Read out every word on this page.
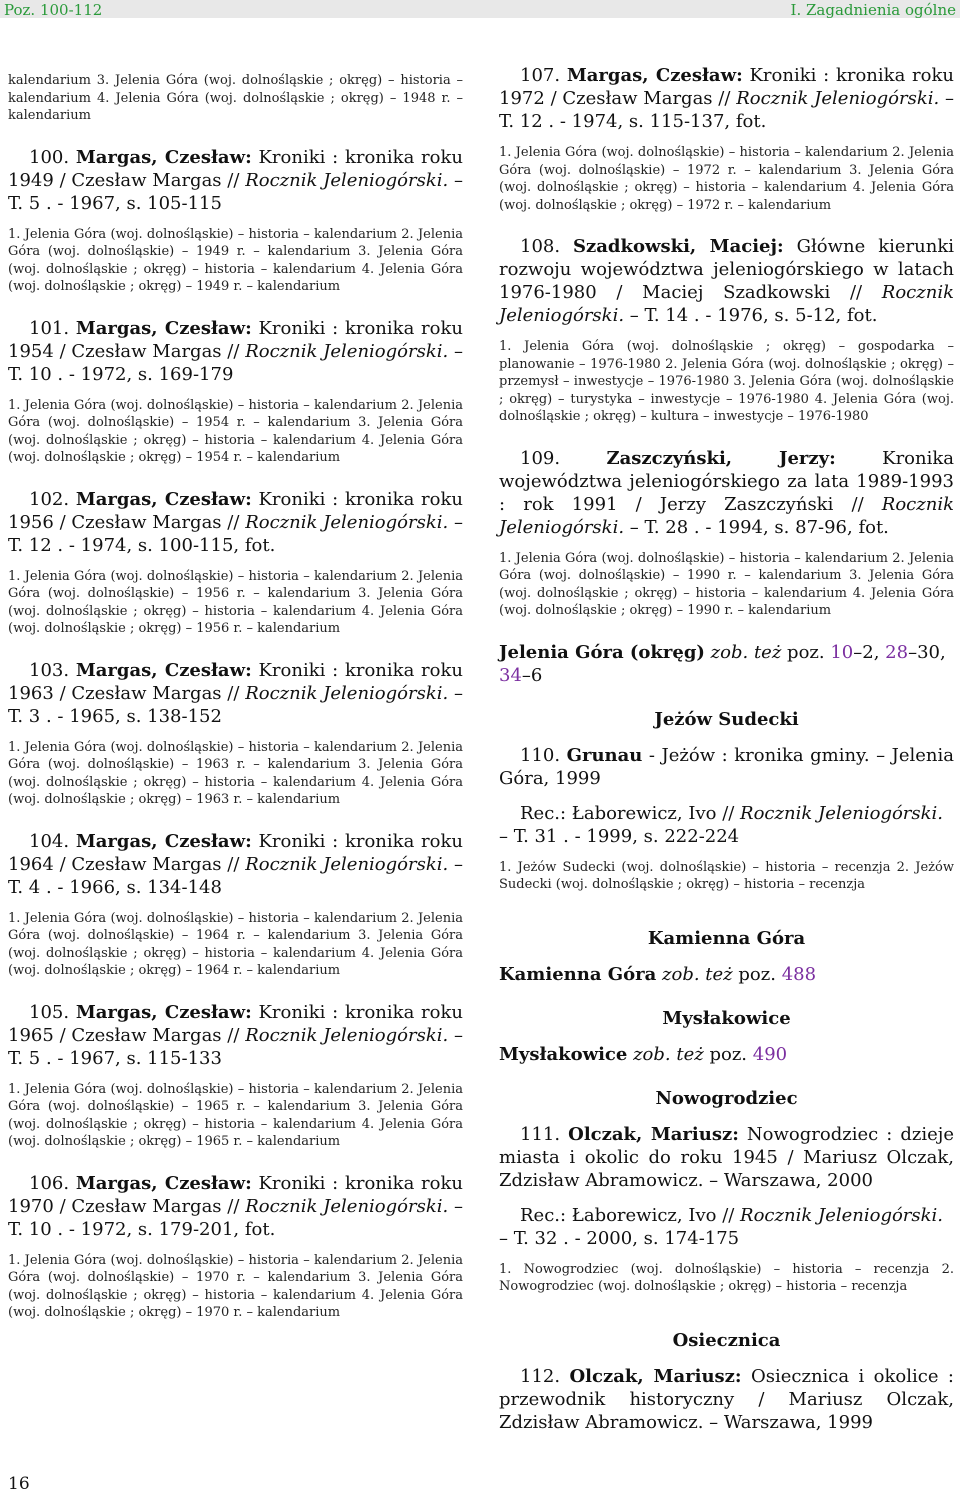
Poz. 100-112	I. Zagadnienia ogólne

kalendarium 3. Jelenia Góra (woj. dolnośląskie ; okręg) – historia – kalendarium 4. Jelenia Góra (woj. dolnośląskie ; okręg) – 1948 r. – kalendarium

100. Margas, Czesław: Kroniki : kronika roku 1949 / Czesław Margas // Rocznik Jeleniogórski. – T. 5 . - 1967, s. 105-115

1. Jelenia Góra (woj. dolnośląskie) – historia – kalendarium 2. Jelenia Góra (woj. dolnośląskie) – 1949 r. – kalendarium 3. Jelenia Góra (woj. dolnośląskie ; okręg) – historia – kalendarium 4. Jelenia Góra (woj. dolnośląskie ; okręg) – 1949 r. – kalendarium

101. Margas, Czesław: Kroniki : kronika roku 1954 / Czesław Margas // Rocznik Jeleniogórski. – T. 10 . - 1972, s. 169-179

1. Jelenia Góra (woj. dolnośląskie) – historia – kalendarium 2. Jelenia Góra (woj. dolnośląskie) – 1954 r. – kalendarium 3. Jelenia Góra (woj. dolnośląskie ; okręg) – historia – kalendarium 4. Jelenia Góra (woj. dolnośląskie ; okręg) – 1954 r. – kalendarium

102. Margas, Czesław: Kroniki : kronika roku 1956 / Czesław Margas // Rocznik Jeleniogórski. – T. 12 . - 1974, s. 100-115, fot.

1. Jelenia Góra (woj. dolnośląskie) – historia – kalendarium 2. Jelenia Góra (woj. dolnośląskie) – 1956 r. – kalendarium 3. Jelenia Góra (woj. dolnośląskie ; okręg) – historia – kalendarium 4. Jelenia Góra (woj. dolnośląskie ; okręg) – 1956 r. – kalendarium

103. Margas, Czesław: Kroniki : kronika roku 1963 / Czesław Margas // Rocznik Jeleniogórski. – T. 3 . - 1965, s. 138-152

1. Jelenia Góra (woj. dolnośląskie) – historia – kalendarium 2. Jelenia Góra (woj. dolnośląskie) – 1963 r. – kalendarium 3. Jelenia Góra (woj. dolnośląskie ; okręg) – historia – kalendarium 4. Jelenia Góra (woj. dolnośląskie ; okręg) – 1963 r. – kalendarium

104. Margas, Czesław: Kroniki : kronika roku 1964 / Czesław Margas // Rocznik Jeleniogórski. – T. 4 . - 1966, s. 134-148

1. Jelenia Góra (woj. dolnośląskie) – historia – kalendarium 2. Jelenia Góra (woj. dolnośląskie) – 1964 r. – kalendarium 3. Jelenia Góra (woj. dolnośląskie ; okręg) – historia – kalendarium 4. Jelenia Góra (woj. dolnośląskie ; okręg) – 1964 r. – kalendarium

105. Margas, Czesław: Kroniki : kronika roku 1965 / Czesław Margas // Rocznik Jeleniogórski. – T. 5 . - 1967, s. 115-133

1. Jelenia Góra (woj. dolnośląskie) – historia – kalendarium 2. Jelenia Góra (woj. dolnośląskie) – 1965 r. – kalendarium 3. Jelenia Góra (woj. dolnośląskie ; okręg) – historia – kalendarium 4. Jelenia Góra (woj. dolnośląskie ; okręg) – 1965 r. – kalendarium

106. Margas, Czesław: Kroniki : kronika roku 1970 / Czesław Margas // Rocznik Jeleniogórski. – T. 10 . - 1972, s. 179-201, fot.

1. Jelenia Góra (woj. dolnośląskie) – historia – kalendarium 2. Jelenia Góra (woj. dolnośląskie) – 1970 r. – kalendarium 3. Jelenia Góra (woj. dolnośląskie ; okręg) – historia – kalendarium 4. Jelenia Góra (woj. dolnośląskie ; okręg) – 1970 r. – kalendarium

107. Margas, Czesław: Kroniki : kronika roku 1972 / Czesław Margas // Rocznik Jeleniogórski. – T. 12 . - 1974, s. 115-137, fot.

1. Jelenia Góra (woj. dolnośląskie) – historia – kalendarium 2. Jelenia Góra (woj. dolnośląskie) – 1972 r. – kalendarium 3. Jelenia Góra (woj. dolnośląskie ; okręg) – historia – kalendarium 4. Jelenia Góra (woj. dolnośląskie ; okręg) – 1972 r. – kalendarium

108. Szadkowski, Maciej: Główne kierunki rozwoju województwa jeleniogórskiego w latach 1976-1980 / Maciej Szadkowski // Rocznik Jeleniogórski. – T. 14 . - 1976, s. 5-12, fot.

1. Jelenia Góra (woj. dolnośląskie ; okręg) – gospodarka – planowanie – 1976-1980 2. Jelenia Góra (woj. dolnośląskie ; okręg) – przemysł – inwestycje – 1976-1980 3. Jelenia Góra (woj. dolnośląskie ; okręg) – turystyka – inwestycje – 1976-1980 4. Jelenia Góra (woj. dolnośląskie ; okręg) – kultura – inwestycje – 1976-1980

109.	Zaszczyński, Jerzy: Kronika województwa jeleniogórskiego za lata 1989-1993 : rok 1991 / Jerzy Zaszczyński // Rocznik Jeleniogórski. – T. 28 . - 1994, s. 87-96, fot.

1. Jelenia Góra (woj. dolnośląskie) – historia – kalendarium 2. Jelenia Góra (woj. dolnośląskie) – 1990 r. – kalendarium 3. Jelenia Góra (woj. dolnośląskie ; okręg) – historia – kalendarium 4. Jelenia Góra (woj. dolnośląskie ; okręg) – 1990 r. – kalendarium

Jelenia Góra (okręg) zob. też poz. 10–2, 28–30, 34–6

Jeżów Sudecki

110. Grunau - Jeżów : kronika gminy. – Jelenia Góra, 1999

Rec.: Łaborewicz, Ivo // Rocznik Jeleniogórski. – T. 31 . - 1999, s. 222-224

1. Jeżów Sudecki (woj. dolnośląskie) – historia – recenzja 2. Jeżów Sudecki (woj. dolnośląskie ; okręg) – historia – recenzja

Kamienna Góra

Kamienna Góra zob. też poz. 488

Mysłakowice

Mysłakowice zob. też poz. 490

Nowogrodziec

111. Olczak, Mariusz: Nowogrodziec : dzieje miasta i okolic do roku 1945 / Mariusz Olczak, Zdzisław Abramowicz. – Warszawa, 2000

Rec.: Łaborewicz, Ivo // Rocznik Jeleniogórski. – T. 32 . - 2000, s. 174-175

1. Nowogrodziec (woj. dolnośląskie) – historia – recenzja 2. Nowogrodziec (woj. dolnośląskie ; okręg) – historia – recenzja

Osiecznica

112. Olczak, Mariusz: Osiecznica i okolice : przewodnik historyczny / Mariusz Olczak, Zdzisław Abramowicz. – Warszawa, 1999

16
